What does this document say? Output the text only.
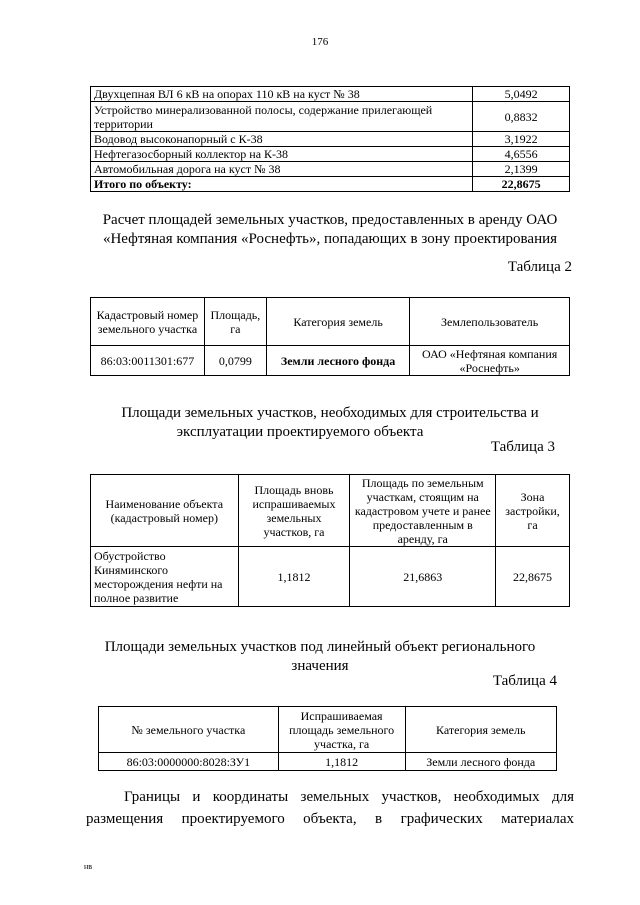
176
Двухцепная ВЛ 6 кВ на опорах 110 кВ на куст № 38	5,0492
Устройство минерализованной полосы, содержание прилегающей территории	0,8832
Водовод высоконапорный с К-38	3,1922
Нефтегазосборный коллектор на К-38	4,6556
Автомобильная дорога на куст № 38	2,1399
Итого по объекту:	22,8675
Расчет площадей земельных участков, предоставленных в аренду ОАО
«Нефтяная компания «Роснефть», попадающих в зону проектирования
Таблица 2
Кадастровый номер земельного участка	Площадь, га	Категория земель	Землепользователь
86:03:0011301:677	0,0799	Земли лесного фонда	ОАО «Нефтяная компания «Роснефть»
Площади земельных участков, необходимых для строительства и
эксплуатации проектируемого объекта
Таблица 3
Наименование объекта (кадастровый номер)	Площадь вновь испрашиваемых земельных участков, га	Площадь по земельным участкам, стоящим на кадастровом учете и ранее предоставленным в аренду, га	Зона застройки, га
Обустройство Киняминского месторождения нефти на полное развитие	1,1812	21,6863	22,8675
Площади земельных участков под линейный объект регионального
значения
Таблица 4
№ земельного участка	Испрашиваемая площадь земельного участка, га	Категория земель
86:03:0000000:8028:ЗУ1	1,1812	Земли лесного фонда
Границы и координаты земельных участков, необходимых для размещения проектируемого объекта, в графических материалах
нв
